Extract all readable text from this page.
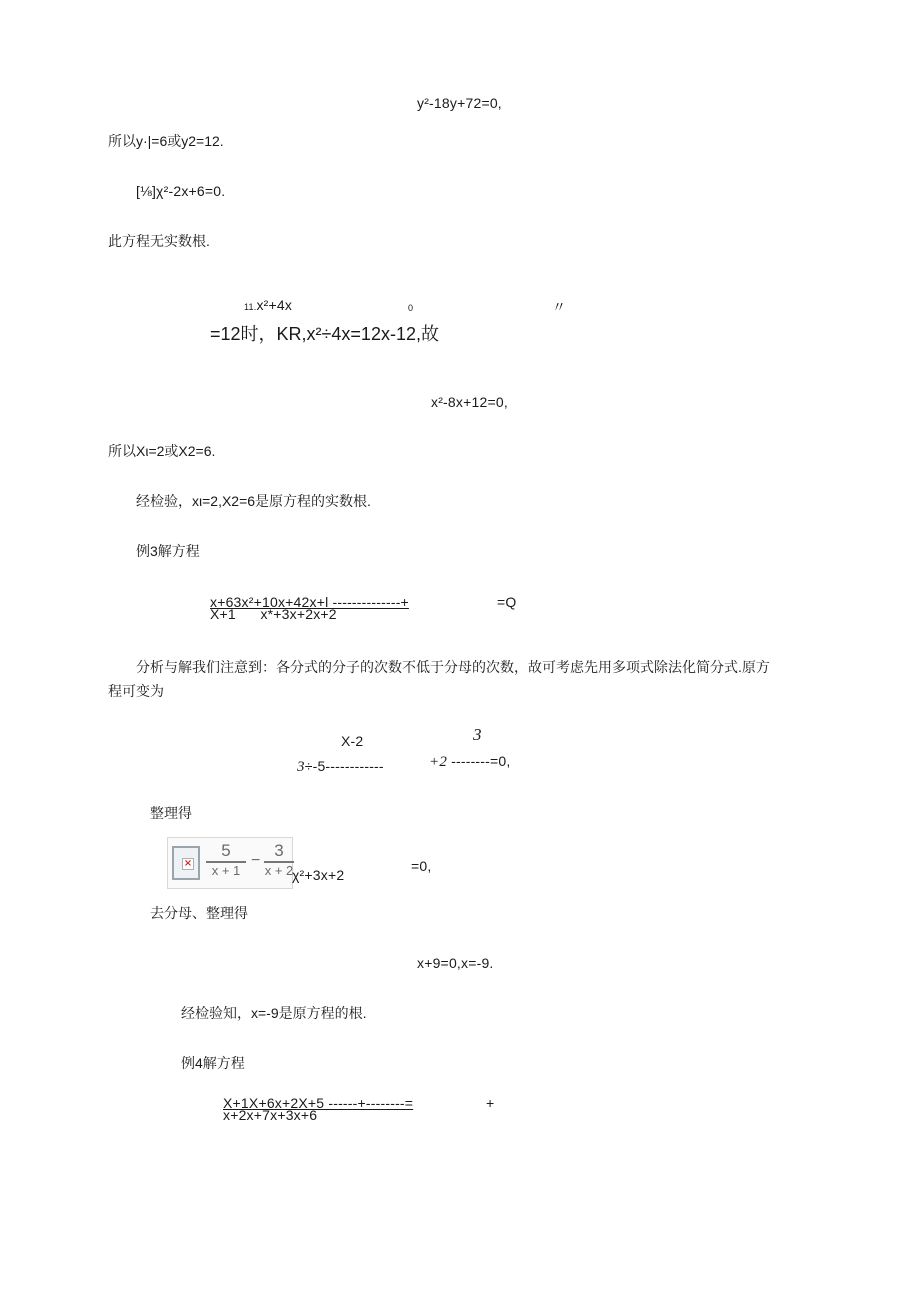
y²-18y+72=0,
所以y·|=6或y2=12.
[⅛]χ²-2x+6=0.
此方程无实数根.
11.x²+4x	0	〃
=12时，KR,x²÷4x=12x-12,故
x²-8x+12=0,
所以Xι=2或X2=6.
经检验，xι=2,X2=6是原方程的实数根.
例3解方程
x+63x²+10x+42x+l --------------+	=Q
X+1      x*+3x+2x+2
分析与解我们注意到：各分式的分子的次数不低于分母的次数，故可考虑先用多项式除法化简分式.原方
程可变为
X-2	3
3÷-5------------	+2 --------=0,
整理得
×
5
x + 1
−
3
x + 2
χ²+3x+2
=0,
去分母、整理得
x+9=0,x=-9.
经检验知，x=-9是原方程的根.
例4解方程
X+1X+6x+2X+5 ------+--------=	+
x+2x+7x+3x+6
